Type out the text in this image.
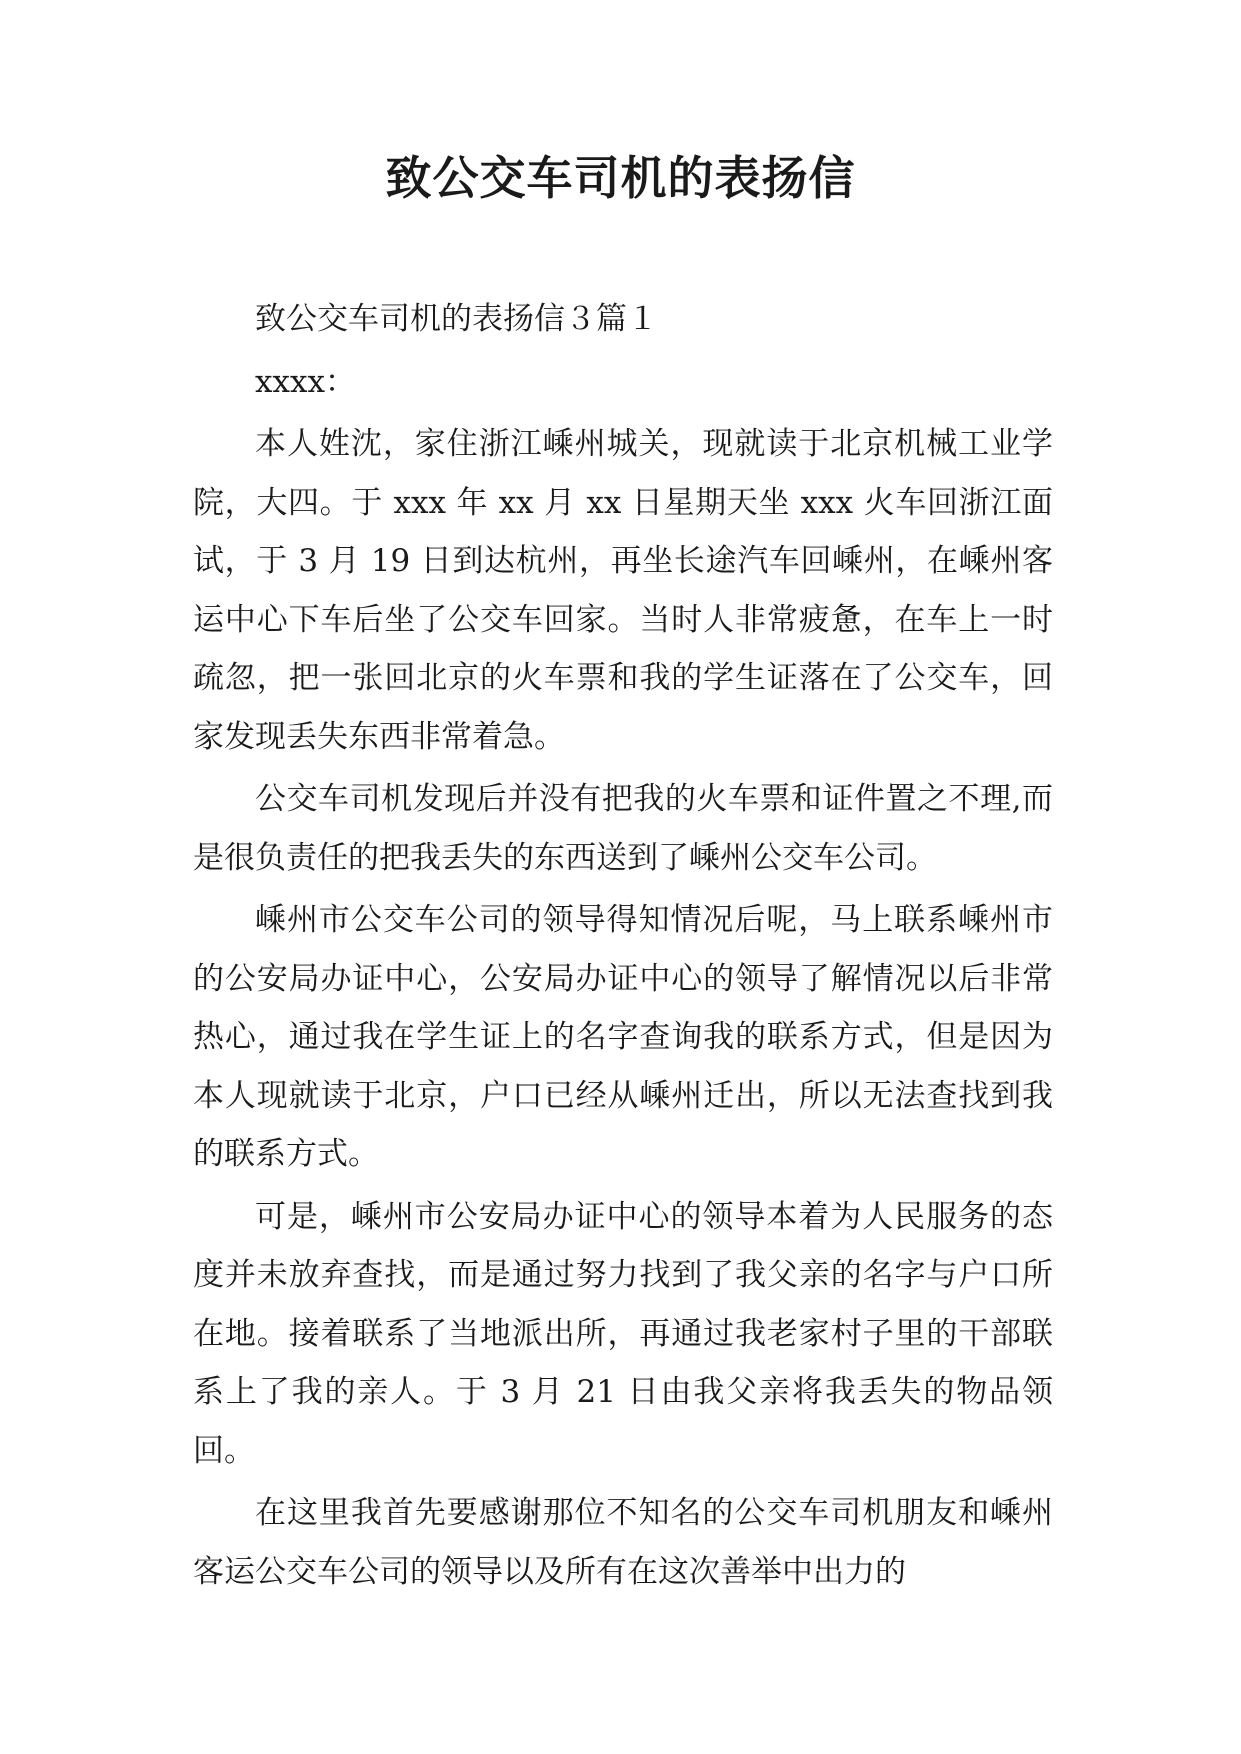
致公交车司机的表扬信

致公交车司机的表扬信３篇１

xxxx：

本人姓沈，家住浙江嵊州城关，现就读于北京机械工业学院，大四。于 xxx 年 xx 月 xx 日星期天坐 xxx 火车回浙江面试，于 3 月 19 日到达杭州，再坐长途汽车回嵊州，在嵊州客运中心下车后坐了公交车回家。当时人非常疲惫，在车上一时疏忽，把一张回北京的火车票和我的学生证落在了公交车，回家发现丢失东西非常着急。

公交车司机发现后并没有把我的火车票和证件置之不理,而是很负责任的把我丢失的东西送到了嵊州公交车公司。

嵊州市公交车公司的领导得知情况后呢，马上联系嵊州市的公安局办证中心，公安局办证中心的领导了解情况以后非常热心，通过我在学生证上的名字查询我的联系方式，但是因为本人现就读于北京，户口已经从嵊州迁出，所以无法查找到我的联系方式。

可是，嵊州市公安局办证中心的领导本着为人民服务的态度并未放弃查找，而是通过努力找到了我父亲的名字与户口所在地。接着联系了当地派出所，再通过我老家村子里的干部联系上了我的亲人。于 3 月 21 日由我父亲将我丢失的物品领回。

在这里我首先要感谢那位不知名的公交车司机朋友和嵊州客运公交车公司的领导以及所有在这次善举中出力的
